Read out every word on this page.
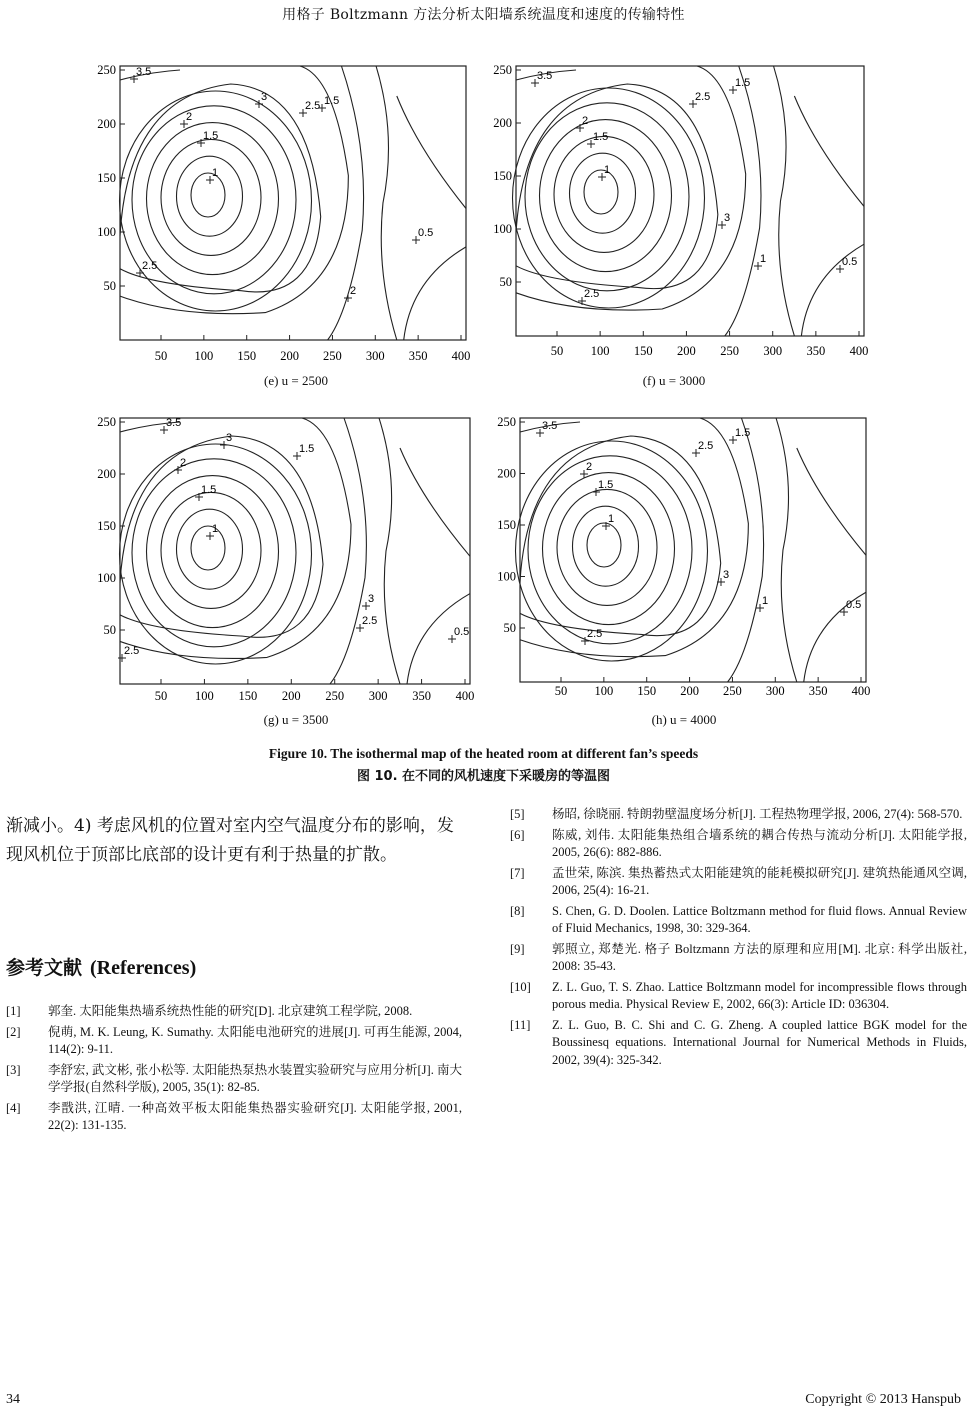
用格子 Boltzmann 方法分析太阳墙系统温度和速度的传输特性
250
200
150
100
50
50 100 150 200 250 300 350 400
0.5
1
1.5
2
2.5
3
3.5
1.5
2.5
2
250
200
150
100
50
50 100 150 200 250 300 350 400
0.5
1
1.5
2
2.5
3
3.5
1.5
2.5
1
250
200
150
100
50
50 100 150 200 250 300 350 400
0.5
1
1.5
2
2.5
3
3.5
2.5
1.5
3
250
200
150
100
50
50 100 150 200 250 300 350 400
0.5
1
1.5
2
2.5
3
3.5
1.5
2.5
1
(e) u = 2500	(f) u = 3000
(g) u = 3500	(h) u = 4000
Figure 10. The isothermal map of the heated room at different fan’s speeds
图 10. 在不同的风机速度下采暖房的等温图
渐减小。4) 考虑风机的位置对室内空气温度分布的影响，发现风机位于顶部比底部的设计更有利于热量的扩散。
参考文献 (References)
[1]	郭奎. 太阳能集热墙系统热性能的研究[D]. 北京建筑工程学院, 2008.
[2]	倪萌, M. K. Leung, K. Sumathy. 太阳能电池研究的进展[J]. 可再生能源, 2004, 114(2): 9-11.
[3]	李舒宏, 武文彬, 张小松等. 太阳能热泵热水装置实验研究与应用分析[J]. 南大学学报(自然科学版), 2005, 35(1): 82-85.
[4]	李戬洪, 江晴. 一种高效平板太阳能集热器实验研究[J]. 太阳能学报, 2001, 22(2): 131-135.
[5]	杨昭, 徐晓丽. 特朗勃壁温度场分析[J]. 工程热物理学报, 2006, 27(4): 568-570.
[6]	陈威, 刘伟. 太阳能集热组合墙系统的耦合传热与流动分析[J]. 太阳能学报, 2005, 26(6): 882-886.
[7]	孟世荣, 陈滨. 集热蓄热式太阳能建筑的能耗模拟研究[J]. 建筑热能通风空调, 2006, 25(4): 16-21.
[8]	S. Chen, G. D. Doolen. Lattice Boltzmann method for fluid flows. Annual Review of Fluid Mechanics, 1998, 30: 329-364.
[9]	郭照立, 郑楚光. 格子 Boltzmann 方法的原理和应用[M]. 北京: 科学出版社, 2008: 35-43.
[10]	Z. L. Guo, T. S. Zhao. Lattice Boltzmann model for incompressible flows through porous media. Physical Review E, 2002, 66(3): Article ID: 036304.
[11]	Z. L. Guo, B. C. Shi and C. G. Zheng. A coupled lattice BGK model for the Boussinesq equations. International Journal for Numerical Methods in Fluids, 2002, 39(4): 325-342.
34	Copyright © 2013 Hanspub
